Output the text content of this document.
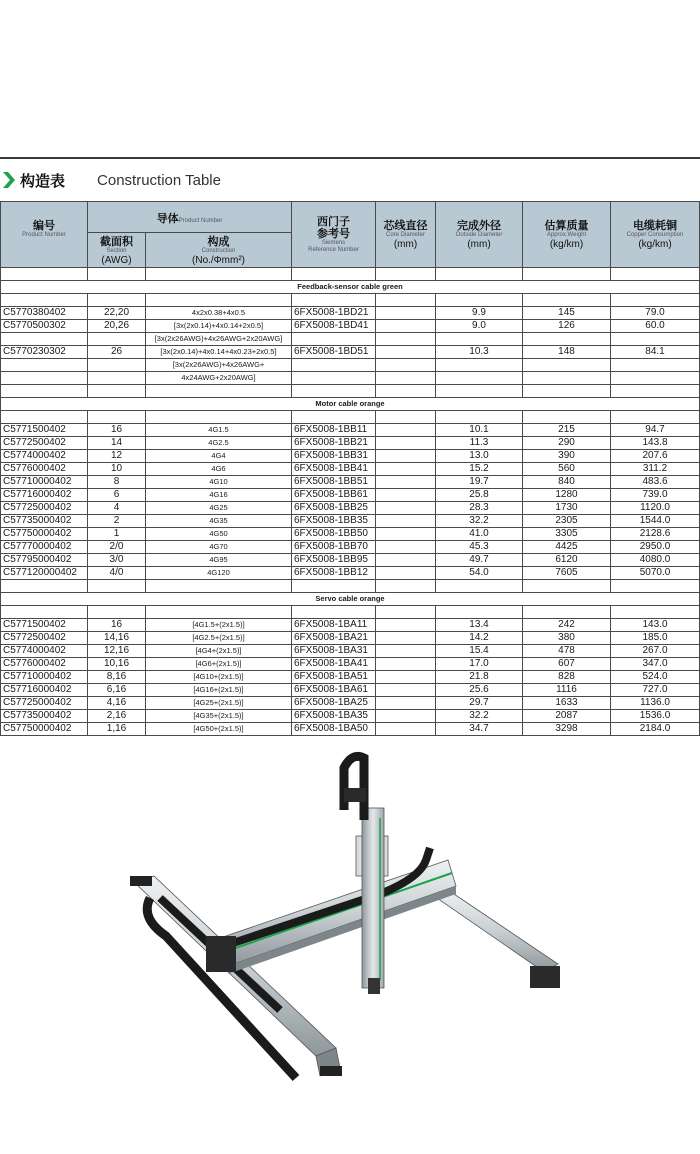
构造表 Construction Table
编号
Product Number	导体Product Number		西门子
参考号
Siemens
Reference Number	芯线直径
Core Diameter
(mm)	完成外径
Outside Diameter
(mm)	估算质量
Approx.Weight
(kg/km)	电缆耗铜
Copper Consumption
(kg/km)

	截面积
Section
(AWG)	构成
Construction
(No./Φmm²)					

Feedback-sensor cable green							

C5770380402	22,20	4x2x0.38+4x0.5	6FX5008-1BD21		9.9	145	79.0
C5770500302	20,26	[3x(2x0.14)+4x0.14+2x0.5]	6FX5008-1BD41		9.0	126	60.0
		[3x(2x26AWG)+4x26AWG+2x20AWG]					
C5770230302	26	[3x(2x0.14)+4x0.14+4x0.23+2x0.5]	6FX5008-1BD51		10.3	148	84.1
		[3x(2x26AWG)+4x26AWG+					
		4x24AWG+2x20AWG]					

Motor cable orange							

C5771500402	16	4G1.5	6FX5008-1BB11		10.1	215	94.7
C5772500402	14	4G2.5	6FX5008-1BB21		11.3	290	143.8
C5774000402	12	4G4	6FX5008-1BB31		13.0	390	207.6
C5776000402	10	4G6	6FX5008-1BB41		15.2	560	311.2
C57710000402	8	4G10	6FX5008-1BB51		19.7	840	483.6
C57716000402	6	4G16	6FX5008-1BB61		25.8	1280	739.0
C57725000402	4	4G25	6FX5008-1BB25		28.3	1730	1120.0
C57735000402	2	4G35	6FX5008-1BB35		32.2	2305	1544.0
C57750000402	1	4G50	6FX5008-1BB50		41.0	3305	2128.6
C57770000402	2/0	4G70	6FX5008-1BB70		45.3	4425	2950.0
C57795000402	3/0	4G95	6FX5008-1BB95		49.7	6120	4080.0
C577120000402	4/0	4G120	6FX5008-1BB12		54.0	7605	5070.0

Servo cable orange							

C5771500402	16	[4G1.5+(2x1.5)]	6FX5008-1BA11		13.4	242	143.0
C5772500402	14,16	[4G2.5+(2x1.5)]	6FX5008-1BA21		14.2	380	185.0
C5774000402	12,16	[4G4+(2x1.5)]	6FX5008-1BA31		15.4	478	267.0
C5776000402	10,16	[4G6+(2x1.5)]	6FX5008-1BA41		17.0	607	347.0
C57710000402	8,16	[4G10+(2x1.5)]	6FX5008-1BA51		21.8	828	524.0
C57716000402	6,16	[4G16+(2x1.5)]	6FX5008-1BA61		25.6	1116	727.0
C57725000402	4,16	[4G25+(2x1.5)]	6FX5008-1BA25		29.7	1633	1136.0
C57735000402	2,16	[4G35+(2x1.5)]	6FX5008-1BA35		32.2	2087	1536.0
C57750000402	1,16	[4G50+(2x1.5)]	6FX5008-1BA50		34.7	3298	2184.0
